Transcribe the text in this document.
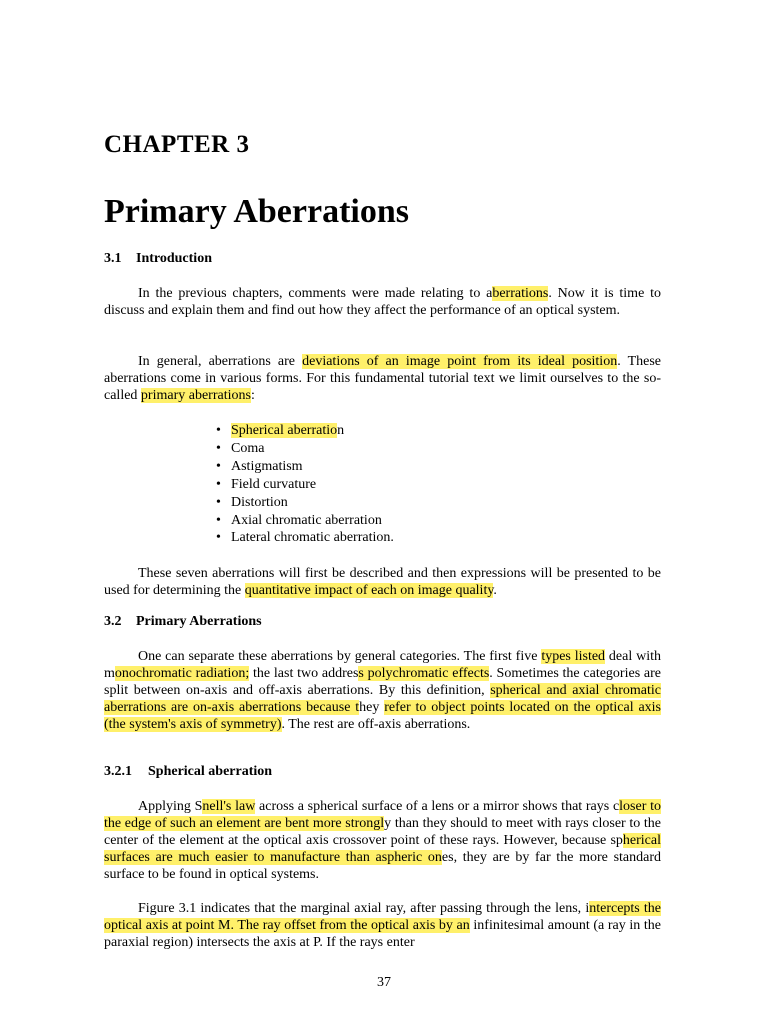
CHAPTER 3
Primary Aberrations
3.1 Introduction

In the previous chapters, comments were made relating to aberrations. Now it is time to discuss and explain them and find out how they affect the performance of an optical system.

In general, aberrations are deviations of an image point from its ideal position. These aberrations come in various forms. For this fundamental tutorial text we limit ourselves to the so-called primary aberrations:

• Spherical aberration
• Coma
• Astigmatism
• Field curvature
• Distortion
• Axial chromatic aberration
• Lateral chromatic aberration.

These seven aberrations will first be described and then expressions will be presented to be used for determining the quantitative impact of each on image quality.

3.2 Primary Aberrations

One can separate these aberrations by general categories. The first five types listed deal with monochromatic radiation; the last two address polychromatic effects. Sometimes the categories are split between on-axis and off-axis aberrations. By this definition, spherical and axial chromatic aberrations are on-axis aberrations because they refer to object points located on the optical axis (the system's axis of symmetry). The rest are off-axis aberrations.

3.2.1 Spherical aberration

Applying Snell's law across a spherical surface of a lens or a mirror shows that rays closer to the edge of such an element are bent more strongly than they should to meet with rays closer to the center of the element at the optical axis crossover point of these rays. However, because spherical surfaces are much easier to manufacture than aspheric ones, they are by far the more standard surface to be found in optical systems.

Figure 3.1 indicates that the marginal axial ray, after passing through the lens, intercepts the optical axis at point M. The ray offset from the optical axis by an infinitesimal amount (a ray in the paraxial region) intersects the axis at P. If the rays enter

37
